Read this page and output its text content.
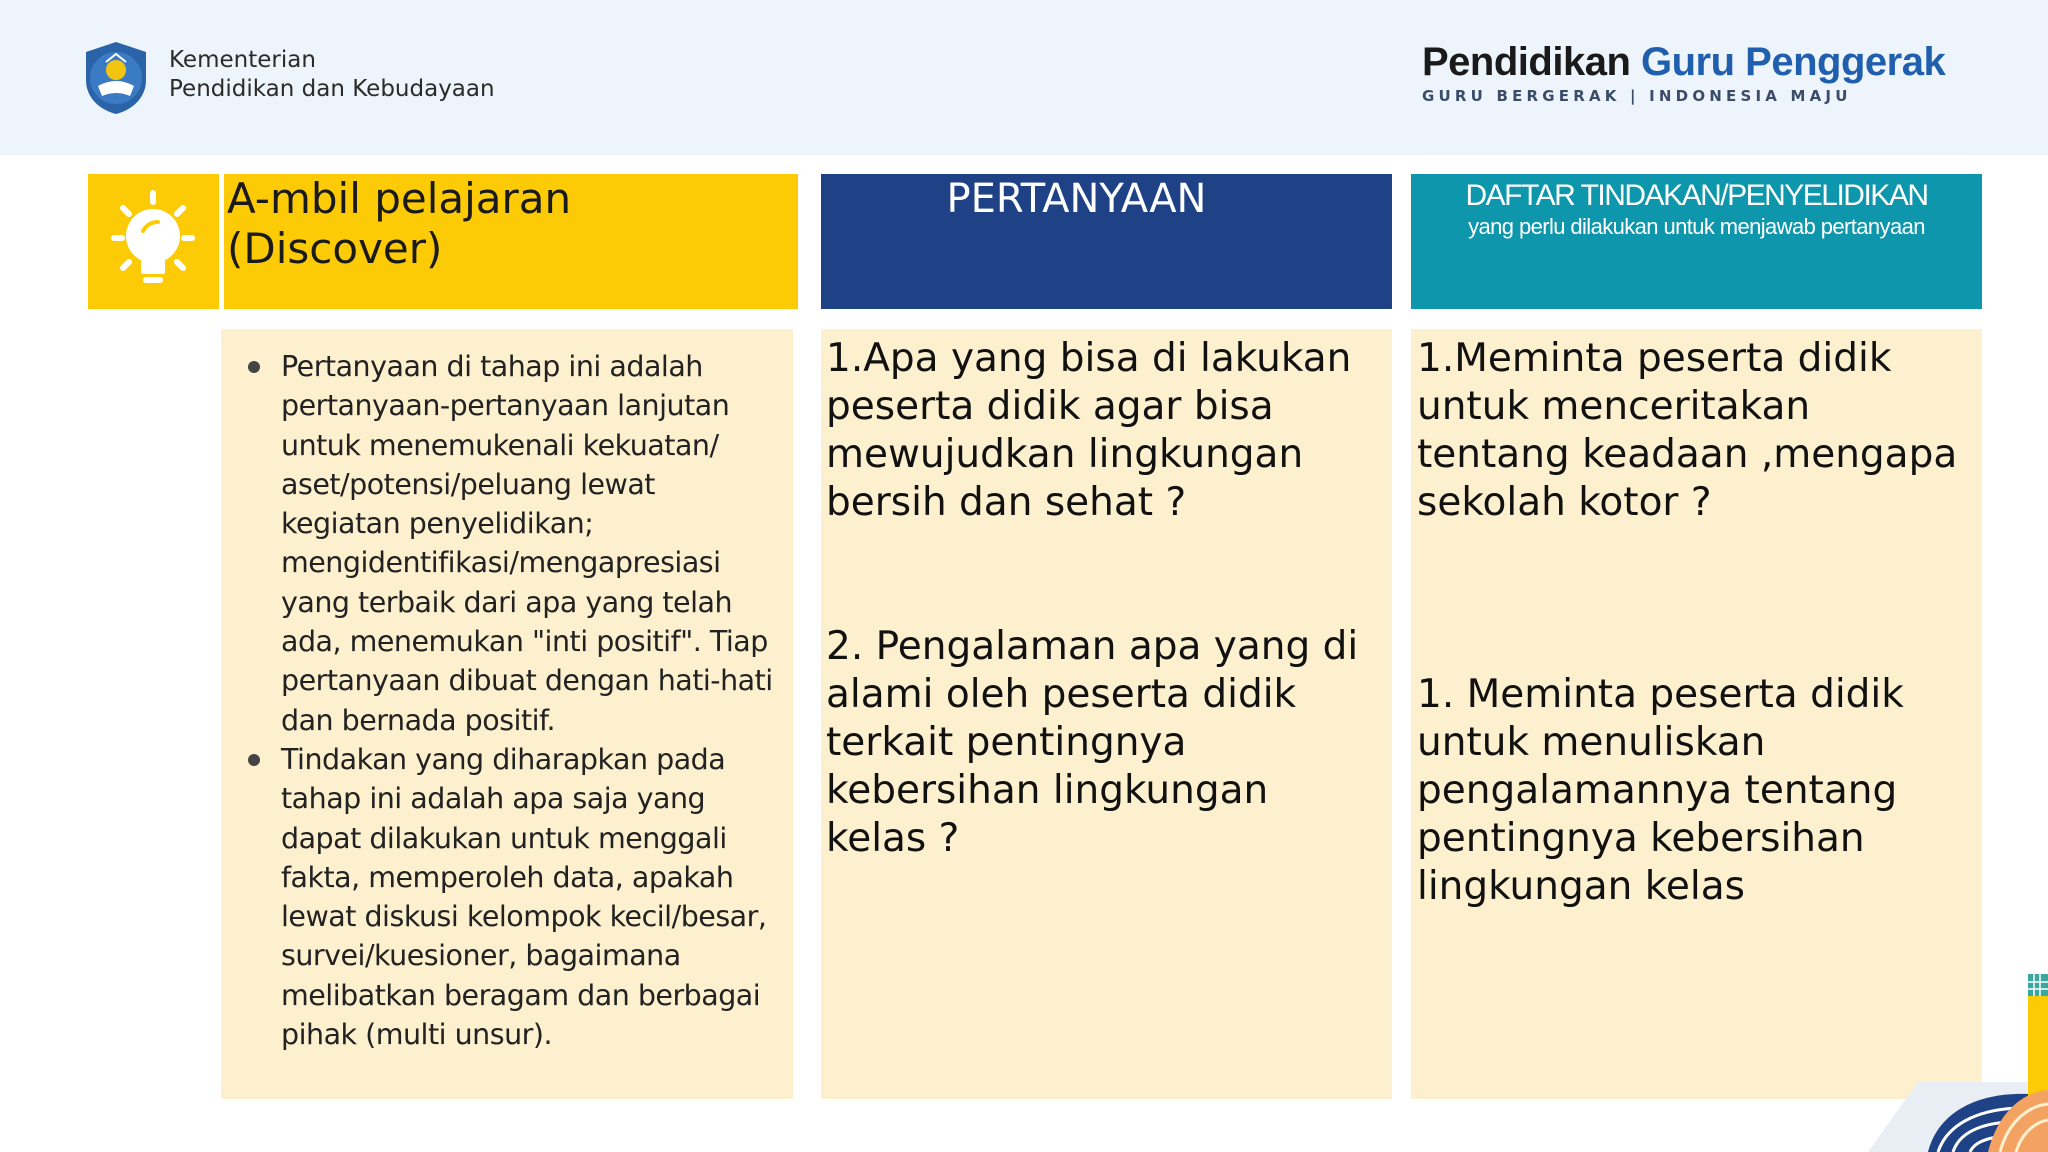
Kementerian
Pendidikan dan Kebudayaan
Pendidikan Guru Penggerak
GURU BERGERAK | INDONESIA MAJU
A-mbil pelajaran
(Discover)
PERTANYAAN	DAFTAR TINDAKAN/PENYELIDIKAN
yang perlu dilakukan untuk menjawab pertanyaan
Pertanyaan di tahap ini adalah pertanyaan-pertanyaan lanjutan untuk menemukenali kekuatan/ aset/potensi/peluang lewat kegiatan penyelidikan; mengidentifikasi/mengapresiasi yang terbaik dari apa yang telah ada, menemukan "inti positif". Tiap pertanyaan dibuat dengan hati-hati dan bernada positif.
Tindakan yang diharapkan pada tahap ini adalah apa saja yang dapat dilakukan untuk menggali fakta, memperoleh data, apakah lewat diskusi kelompok kecil/besar, survei/kuesioner, bagaimana melibatkan beragam dan berbagai pihak (multi unsur).

1.Apa yang bisa di lakukan peserta didik agar bisa mewujudkan lingkungan bersih dan sehat ?

2. Pengalaman apa yang di alami oleh peserta didik terkait pentingnya kebersihan lingkungan kelas ?

1.Meminta peserta didik untuk menceritakan tentang keadaan ,mengapa sekolah kotor ?

1. Meminta peserta didik untuk menuliskan pengalamannya tentang pentingnya kebersihan lingkungan kelas
